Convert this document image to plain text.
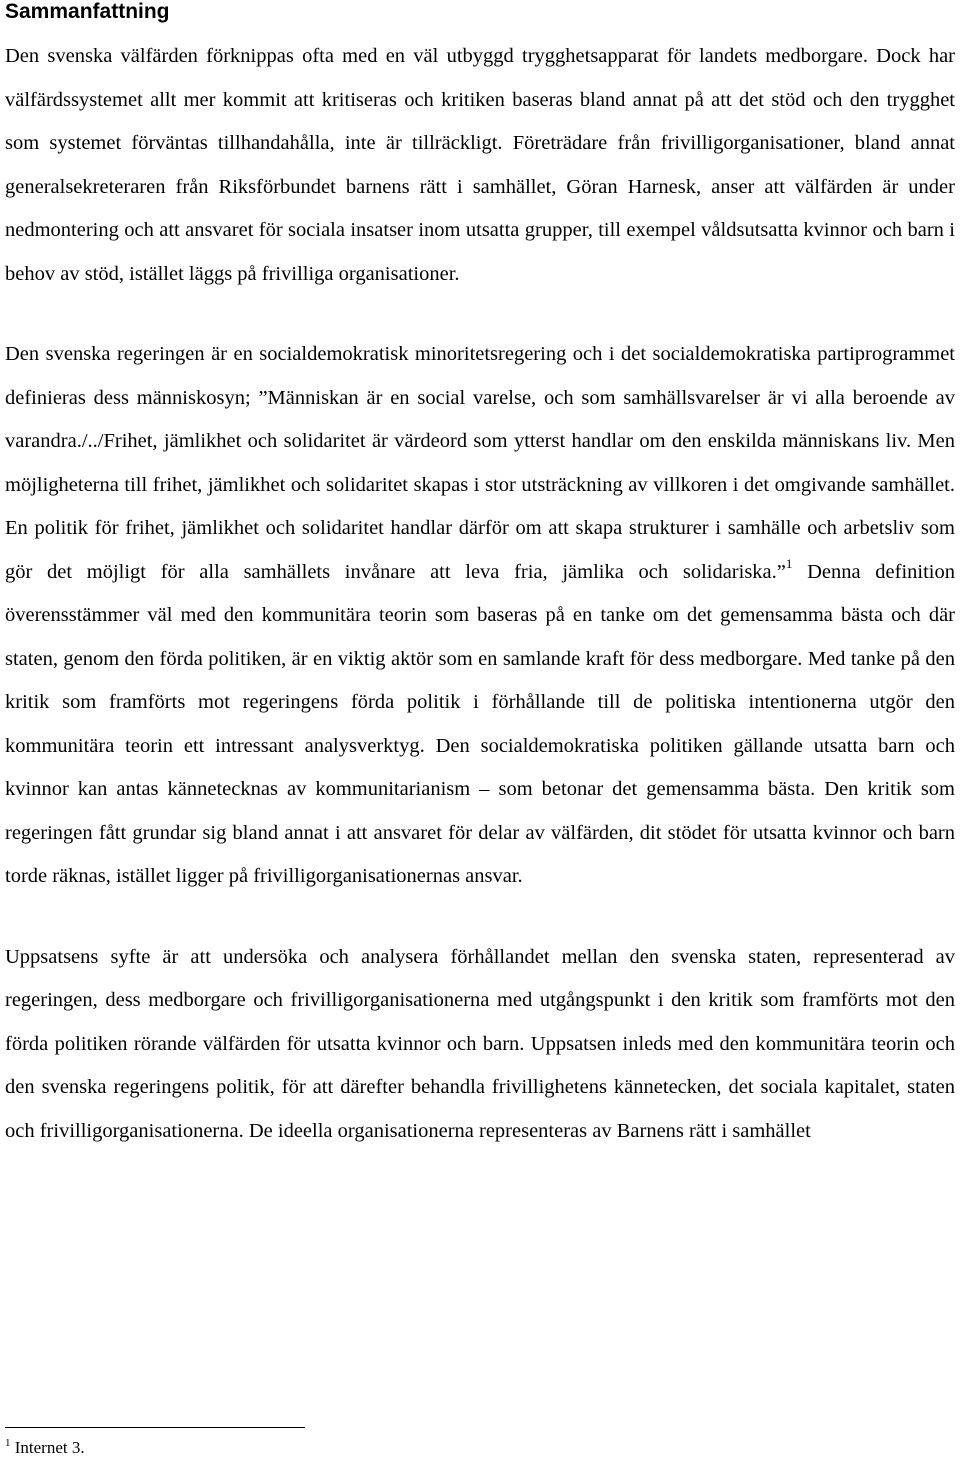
Sammanfattning

Den svenska välfärden förknippas ofta med en väl utbyggd trygghetsapparat för landets medborgare. Dock har välfärdssystemet allt mer kommit att kritiseras och kritiken baseras bland annat på att det stöd och den trygghet som systemet förväntas tillhandahålla, inte är tillräckligt. Företrädare från frivilligorganisationer, bland annat generalsekreteraren från Riksförbundet barnens rätt i samhället, Göran Harnesk, anser att välfärden är under nedmontering och att ansvaret för sociala insatser inom utsatta grupper, till exempel våldsutsatta kvinnor och barn i behov av stöd, istället läggs på frivilliga organisationer.

Den svenska regeringen är en socialdemokratisk minoritetsregering och i det socialdemokratiska partiprogrammet definieras dess människosyn; ”Människan är en social varelse, och som samhällsvarelser är vi alla beroende av varandra./../Frihet, jämlikhet och solidaritet är värdeord som ytterst handlar om den enskilda människans liv. Men möjligheterna till frihet, jämlikhet och solidaritet skapas i stor utsträckning av villkoren i det omgivande samhället. En politik för frihet, jämlikhet och solidaritet handlar därför om att skapa strukturer i samhälle och arbetsliv som gör det möjligt för alla samhällets invånare att leva fria, jämlika och solidariska.”$^1$ Denna definition överensstämmer väl med den kommunitära teorin som baseras på en tanke om det gemensamma bästa och där staten, genom den förda politiken, är en viktig aktör som en samlande kraft för dess medborgare. Med tanke på den kritik som framförts mot regeringens förda politik i förhållande till de politiska intentionerna utgör den kommunitära teorin ett intressant analysverktyg. Den socialdemokratiska politiken gällande utsatta barn och kvinnor kan antas kännetecknas av kommunitarianism – som betonar det gemensamma bästa. Den kritik som regeringen fått grundar sig bland annat i att ansvaret för delar av välfärden, dit stödet för utsatta kvinnor och barn torde räknas, istället ligger på frivilligorganisationernas ansvar.

Uppsatsens syfte är att undersöka och analysera förhållandet mellan den svenska staten, representerad av regeringen, dess medborgare och frivilligorganisationerna med utgångspunkt i den kritik som framförts mot den förda politiken rörande välfärden för utsatta kvinnor och barn. Uppsatsen inleds med den kommunitära teorin och den svenska regeringens politik, för att därefter behandla frivillighetens kännetecken, det sociala kapitalet, staten och frivilligorganisationerna. De ideella organisationerna representeras av Barnens rätt i samhället

$^1$ Internet 3.
